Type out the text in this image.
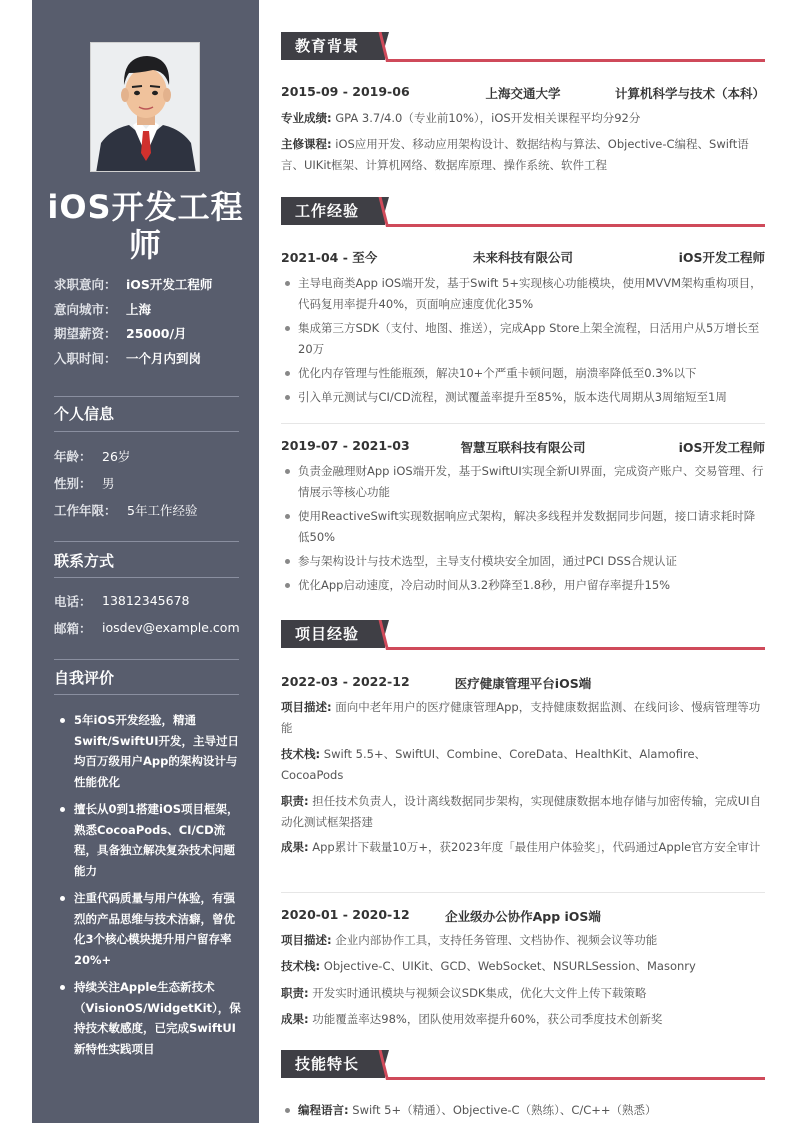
iOS开发工程师
求职意向： iOS开发工程师
意向城市： 上海
期望薪资： 25000/月
入职时间： 一个月内到岗
个人信息
年龄： 26岁
性别： 男
工作年限： 5年工作经验
联系方式
电话： 13812345678
邮箱： iosdev@example.com
自我评价
5年iOS开发经验，精通Swift/SwiftUI开发，主导过日均百万级用户App的架构设计与性能优化
擅长从0到1搭建iOS项目框架，熟悉CocoaPods、CI/CD流程，具备独立解决复杂技术问题能力
注重代码质量与用户体验，有强烈的产品思维与技术洁癖，曾优化3个核心模块提升用户留存率20%+
持续关注Apple生态新技术（VisionOS/WidgetKit），保持技术敏感度，已完成SwiftUI新特性实践项目
教育背景
2015-09 - 2019-06	上海交通大学	计算机科学与技术（本科）
专业成绩: GPA 3.7/4.0（专业前10%），iOS开发相关课程平均分92分
主修课程: iOS应用开发、移动应用架构设计、数据结构与算法、Objective-C编程、Swift语言、UIKit框架、计算机网络、数据库原理、操作系统、软件工程
工作经验
2021-04 - 至今	未来科技有限公司	iOS开发工程师
主导电商类App iOS端开发，基于Swift 5+实现核心功能模块，使用MVVM架构重构项目，代码复用率提升40%，页面响应速度优化35%
集成第三方SDK（支付、地图、推送），完成App Store上架全流程，日活用户从5万增长至20万
优化内存管理与性能瓶颈，解决10+个严重卡顿问题，崩溃率降低至0.3%以下
引入单元测试与CI/CD流程，测试覆盖率提升至85%，版本迭代周期从3周缩短至1周
2019-07 - 2021-03	智慧互联科技有限公司	iOS开发工程师
负责金融理财App iOS端开发，基于SwiftUI实现全新UI界面，完成资产账户、交易管理、行情展示等核心功能
使用ReactiveSwift实现数据响应式架构，解决多线程并发数据同步问题，接口请求耗时降低50%
参与架构设计与技术选型，主导支付模块安全加固，通过PCI DSS合规认证
优化App启动速度，冷启动时间从3.2秒降至1.8秒，用户留存率提升15%
项目经验
2022-03 - 2022-12	医疗健康管理平台iOS端
项目描述: 面向中老年用户的医疗健康管理App，支持健康数据监测、在线问诊、慢病管理等功能
技术栈: Swift 5.5+、SwiftUI、Combine、CoreData、HealthKit、Alamofire、CocoaPods
职责: 担任技术负责人，设计离线数据同步架构，实现健康数据本地存储与加密传输，完成UI自动化测试框架搭建
成果: App累计下载量10万+，获2023年度「最佳用户体验奖」，代码通过Apple官方安全审计
2020-01 - 2020-12	企业级办公协作App iOS端
项目描述: 企业内部协作工具，支持任务管理、文档协作、视频会议等功能
技术栈: Objective-C、UIKit、GCD、WebSocket、NSURLSession、Masonry
职责: 开发实时通讯模块与视频会议SDK集成，优化大文件上传下载策略
成果: 功能覆盖率达98%，团队使用效率提升60%，获公司季度技术创新奖
技能特长
编程语言: Swift 5+（精通）、Objective-C（熟练）、C/C++（熟悉）
